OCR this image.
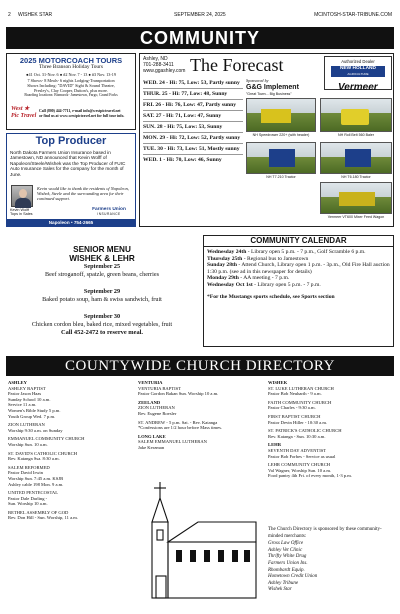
2 WISHEK STAR	SEPTEMBER 24, 2025	MCINTOSH-STAR-TRIBUNE.COM
COMMUNITY
2025 MOTORCOACH TOURS
Three Branson Holiday Tours
●41 Oct. 31-Nov. 6 ● #2 Nov. 7 - 13 ● #3 Nov. 13-19
7 Shows- 8 Meals- 6 nights Lodging-Transportation
Shows Including: "DAVID" Sight & Sound Theatre,
Presley's, Clay Cooper, Dutton's, plus more.
Boarding locations: Bismarck- Jamestown, Fargo, Grand Forks
West ★ Pic Travel
Call (800) 444-7711, e-mail info@westpictravel.net
or find us at www.westpictravel.net for full tour info.
Top Producer
North Dakota Farmers Union Insurance based in Jamestown, ND announced that Kevin Wolff of Napoleon/Steele/Wishek was the Top Producer of FUIC Auto Insurance Sales for the company for the month of June.
Kevin Wolff
Tops in Sales
Kevin would like to thank the residents of Napoleon, Wishek, Steele and the surrounding area for their continued support.
Farmers Union
INSURANCE
Napoleon • 754-2665
Ashley, ND
701-288-3411
www.ggashley.com The Forecast
WED. 24 - Hi: 75, Low: 53, Partly sunny
THUR. 25 - Hi: 77, Low: 48, Sunny
FRI. 26 - Hi: 76, Low: 47, Partly sunny
SAT. 27 - Hi: 71, Low: 47, Sunny
SUN. 28 - Hi: 75, Low: 53, Sunny
MON. 29 - Hi: 72, Low: 52, Partly sunny
TUE. 30 - Hi: 73, Low: 51, Mostly sunny
WED. 1 - Hi: 70, Low: 46, Sunny
Sponsored by
G&G Implement
"Great Town... Big Business"
Authorized Dealer
NEW HOLLAND
AGRICULTURE
Vermeer
NH Speedrower 220+ (with header)	NH Roll Belt 560 Baler
NH T7.210 Tractor	NH T6.180 Tractor
Vermeer VT600 Mixer Feed Wagon
SENIOR MENU
WISHEK & LEHR
September 25
Beef stroganoff, spatzle, green beans, cherries
September 29
Baked potato soup, ham & swiss sandwich, fruit
September 30
Chicken cordon bleu, baked rice, mixed vegetables, fruit
Call 452-2472 to reserve meal.
COMMUNITY CALENDAR
Wednesday 24th - Library open 5 p.m. - 7 p.m., Golf Scramble 6 p.m.
Thursday 25th - Regional bus to Jamestown
Sunday 28th - Attend Church, Library open 1 p.m. - 3p.m., Old Fire Hall auction 1:30 p.m. (see ad in this newspaper for details)
Monday 29th - AA meeting - 7 p.m.
Wednesday Oct 1st - Library open 5 p.m. - 7 p.m.
*For the Mustangs sports schedule, see Sports section
COUNTYWIDE CHURCH DIRECTORY
ASHLEY
ASHLEY BAPTIST
Pastor Jason Haas
Sunday School 10 a.m.
Service 11 a.m.
Women's Bible Study 5 p.m.
Youth Group Wed. 7 p.m.
ZION LUTHERAN
Worship 9:30 a.m. on Sunday
EMMANUEL COMMUNITY CHURCH
Worship Sun. 10 a.m.
ST. DAVID'S CATHOLIC CHURCH
Rev. Katanga Ssa. 8:30 a.m.
SALEM REFORMED
Pastor David Irwin
Worship Sun. 7:45 a.m. KSJB
Ashley cable 198 Mon. 9 a.m.
UNITED PENTECOSTAL
Pastor Dale Darling -
Sun. Worship 10 a.m.
BETHEL ASSEMBLY OF GOD
Rev. Don Hill - Sun. Worship, 11 a.m.
VENTURIA
VENTURIA BAPTIST
Pastor Gordon Bakan Sun. Worship 10 a.m.
ZEELAND
ZION LUTHERAN
Rev. Eugene Roesler
ST. ANDREW - 5 p.m. Sat. - Rev. Katanga
*Confessions are 1/2 hour before Mass times.
LONG LAKE
SALEM EMMANUEL LUTHERAN
Jake Kerzman
WISHEK
ST. LUKE LUTHERAN CHURCH
Pastor Bob Neuharth - 9 a.m.
FAITH COMMUNITY CHURCH
Pastor Charles - 9:30 a.m.
FIRST BAPTIST CHURCH
Pastor Devin Hiller - 10:30 a.m.
ST. PATRICK'S CATHOLIC CHURCH
Rev. Katanga - Sun. 10:30 a.m.
LEHR
SEVENTH DAY ADVENTIST
Pastor Bob Forbes - Service as usual
LEHR COMMUNITY CHURCH
Val Wagner, Worship Sun. 10 a.m.
Food pantry 4th Fri. of every month, 1-3 p.m.
The Church Directory is sponsored by these community-minded merchants:
Gross Law Office
Ashley Vet Clinic
Thrifty White Drug
Farmers Union Ins.
Rhombardt Equip.
Hometown Credit Union
Ashley Tribune
Wishek Star
